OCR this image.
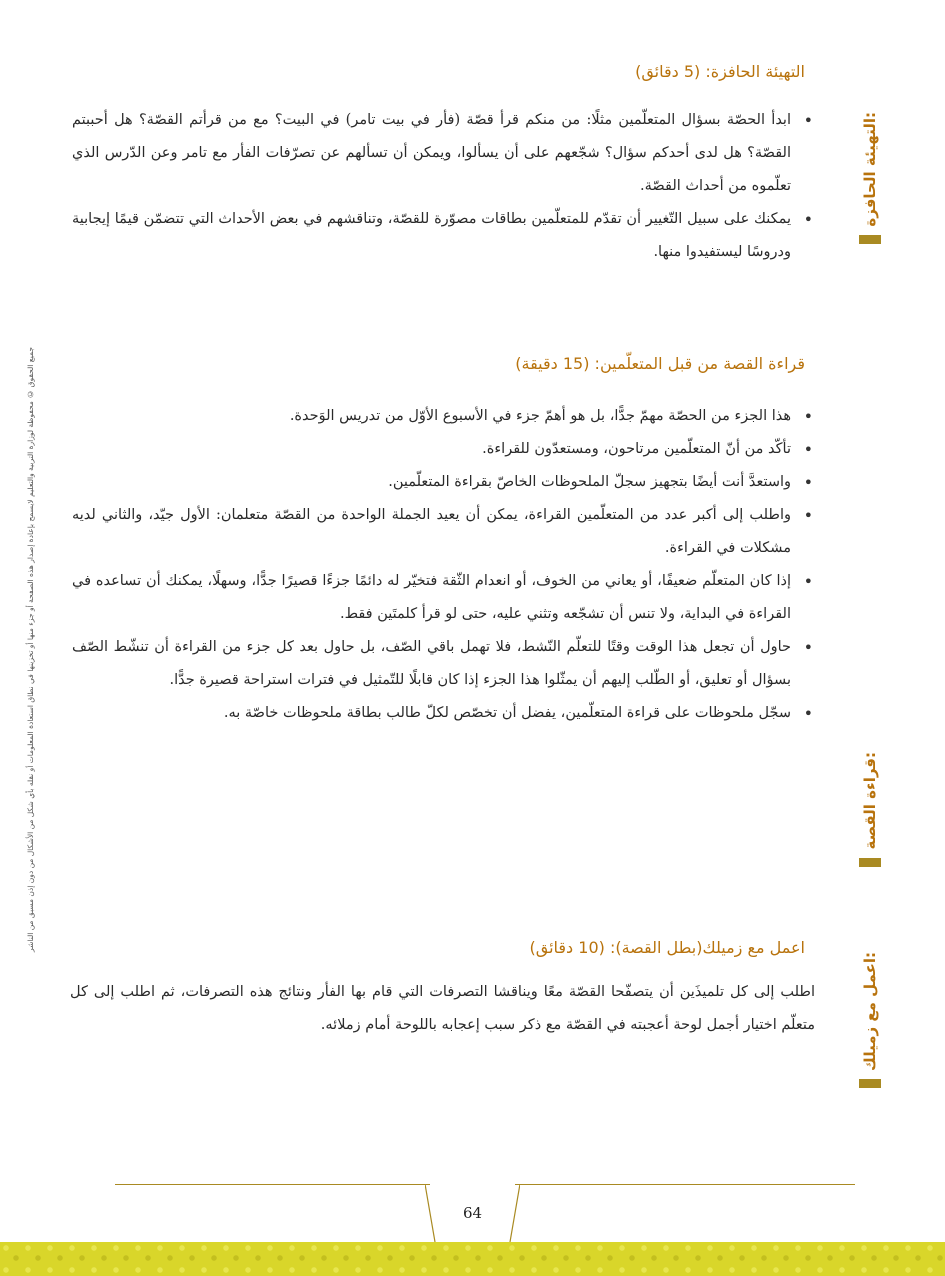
جميع الحقوق © محفوظة لوزارة التربية والتعليم لايسمح بإعادة إصدار هذه الصفحة أو جزء منها أو تخزينها في نطاق استعادة المعلومات أو نقله بأي شكل من الأشكال من دون إذن مسبق من الناشر
التهيئة الحافزة: (5 دقائق)
• ابدأ الحصّة بسؤال المتعلّمين مثلًا: من منكم قرأ قصّة (فأر في بيت تامر) في البيت؟ مع من قرأتم القصّة؟ هل أحببتم القصّة؟ هل لدى أحدكم سؤال؟ شجّعهم على أن يسألوا، ويمكن أن تسألهم عن تصرّفات الفأر مع تامر وعن الدّرس الذي تعلّموه من أحداث القصّة.
• يمكنك على سبيل التّغيير أن تقدّم للمتعلّمين بطاقات مصوّرة للقصّة، وتناقشهم في بعض الأحداث التي تتضمّن قيمًا إيجابية ودروسًا ليستفيدوا منها.
التهيئة الحافزة:
قراءة القصة من قبل المتعلّمين: (15 دقيقة)
• هذا الجزء من الحصّة مهمّ جدًّا، بل هو أهمّ جزء في الأسبوع الأوّل من تدريس الوَحدة.
• تأكّد من أنّ المتعلّمين مرتاحون، ومستعدّون للقراءة.
• واستعدَّ أنت أيضًا بتجهيز سجلّ الملحوظات الخاصّ بقراءة المتعلّمين.
• واطلب إلى أكبر عدد من المتعلّمين القراءة، يمكن أن يعيد الجملة الواحدة من القصّة متعلمان: الأول جيّد، والثاني لديه مشكلات في القراءة.
• إذا كان المتعلّم ضعيفًا، أو يعاني من الخوف، أو انعدام الثّقة فتخيّر له دائمًا جزءًا قصيرًا جدًّا، وسهلًا، يمكنك أن تساعده في القراءة في البداية، ولا تنس أن تشجّعه وتثني عليه، حتى لو قرأ كلمتَين فقط.
• حاول أن تجعل هذا الوقت وقتًا للتعلّم النّشط، فلا تهمل باقي الصّف، بل حاول بعد كل جزء من القراءة أن تنشّط الصّف بسؤال أو تعليق، أو الطّلب إليهم أن يمثّلوا هذا الجزء إذا كان قابلًا للتّمثيل في فترات استراحة قصيرة جدًّا.
• سجّل ملحوظات على قراءة المتعلّمين، يفضل أن تخصّص لكلّ طالب بطاقة ملحوظات خاصّة به.
قراءة القصة:
اعمل مع زميلك(بطل القصة): (10 دقائق)
اطلب إلى كل تلميذَين أن يتصفّحا القصّة معًا ويناقشا التصرفات التي قام بها الفأر ونتائج هذه التصرفات، ثم اطلب إلى كل متعلّم اختيار أجمل لوحة أعجبته في القصّة مع ذكر سبب إعجابه باللوحة أمام زملائه.	اعمل مع زميلك:
64
